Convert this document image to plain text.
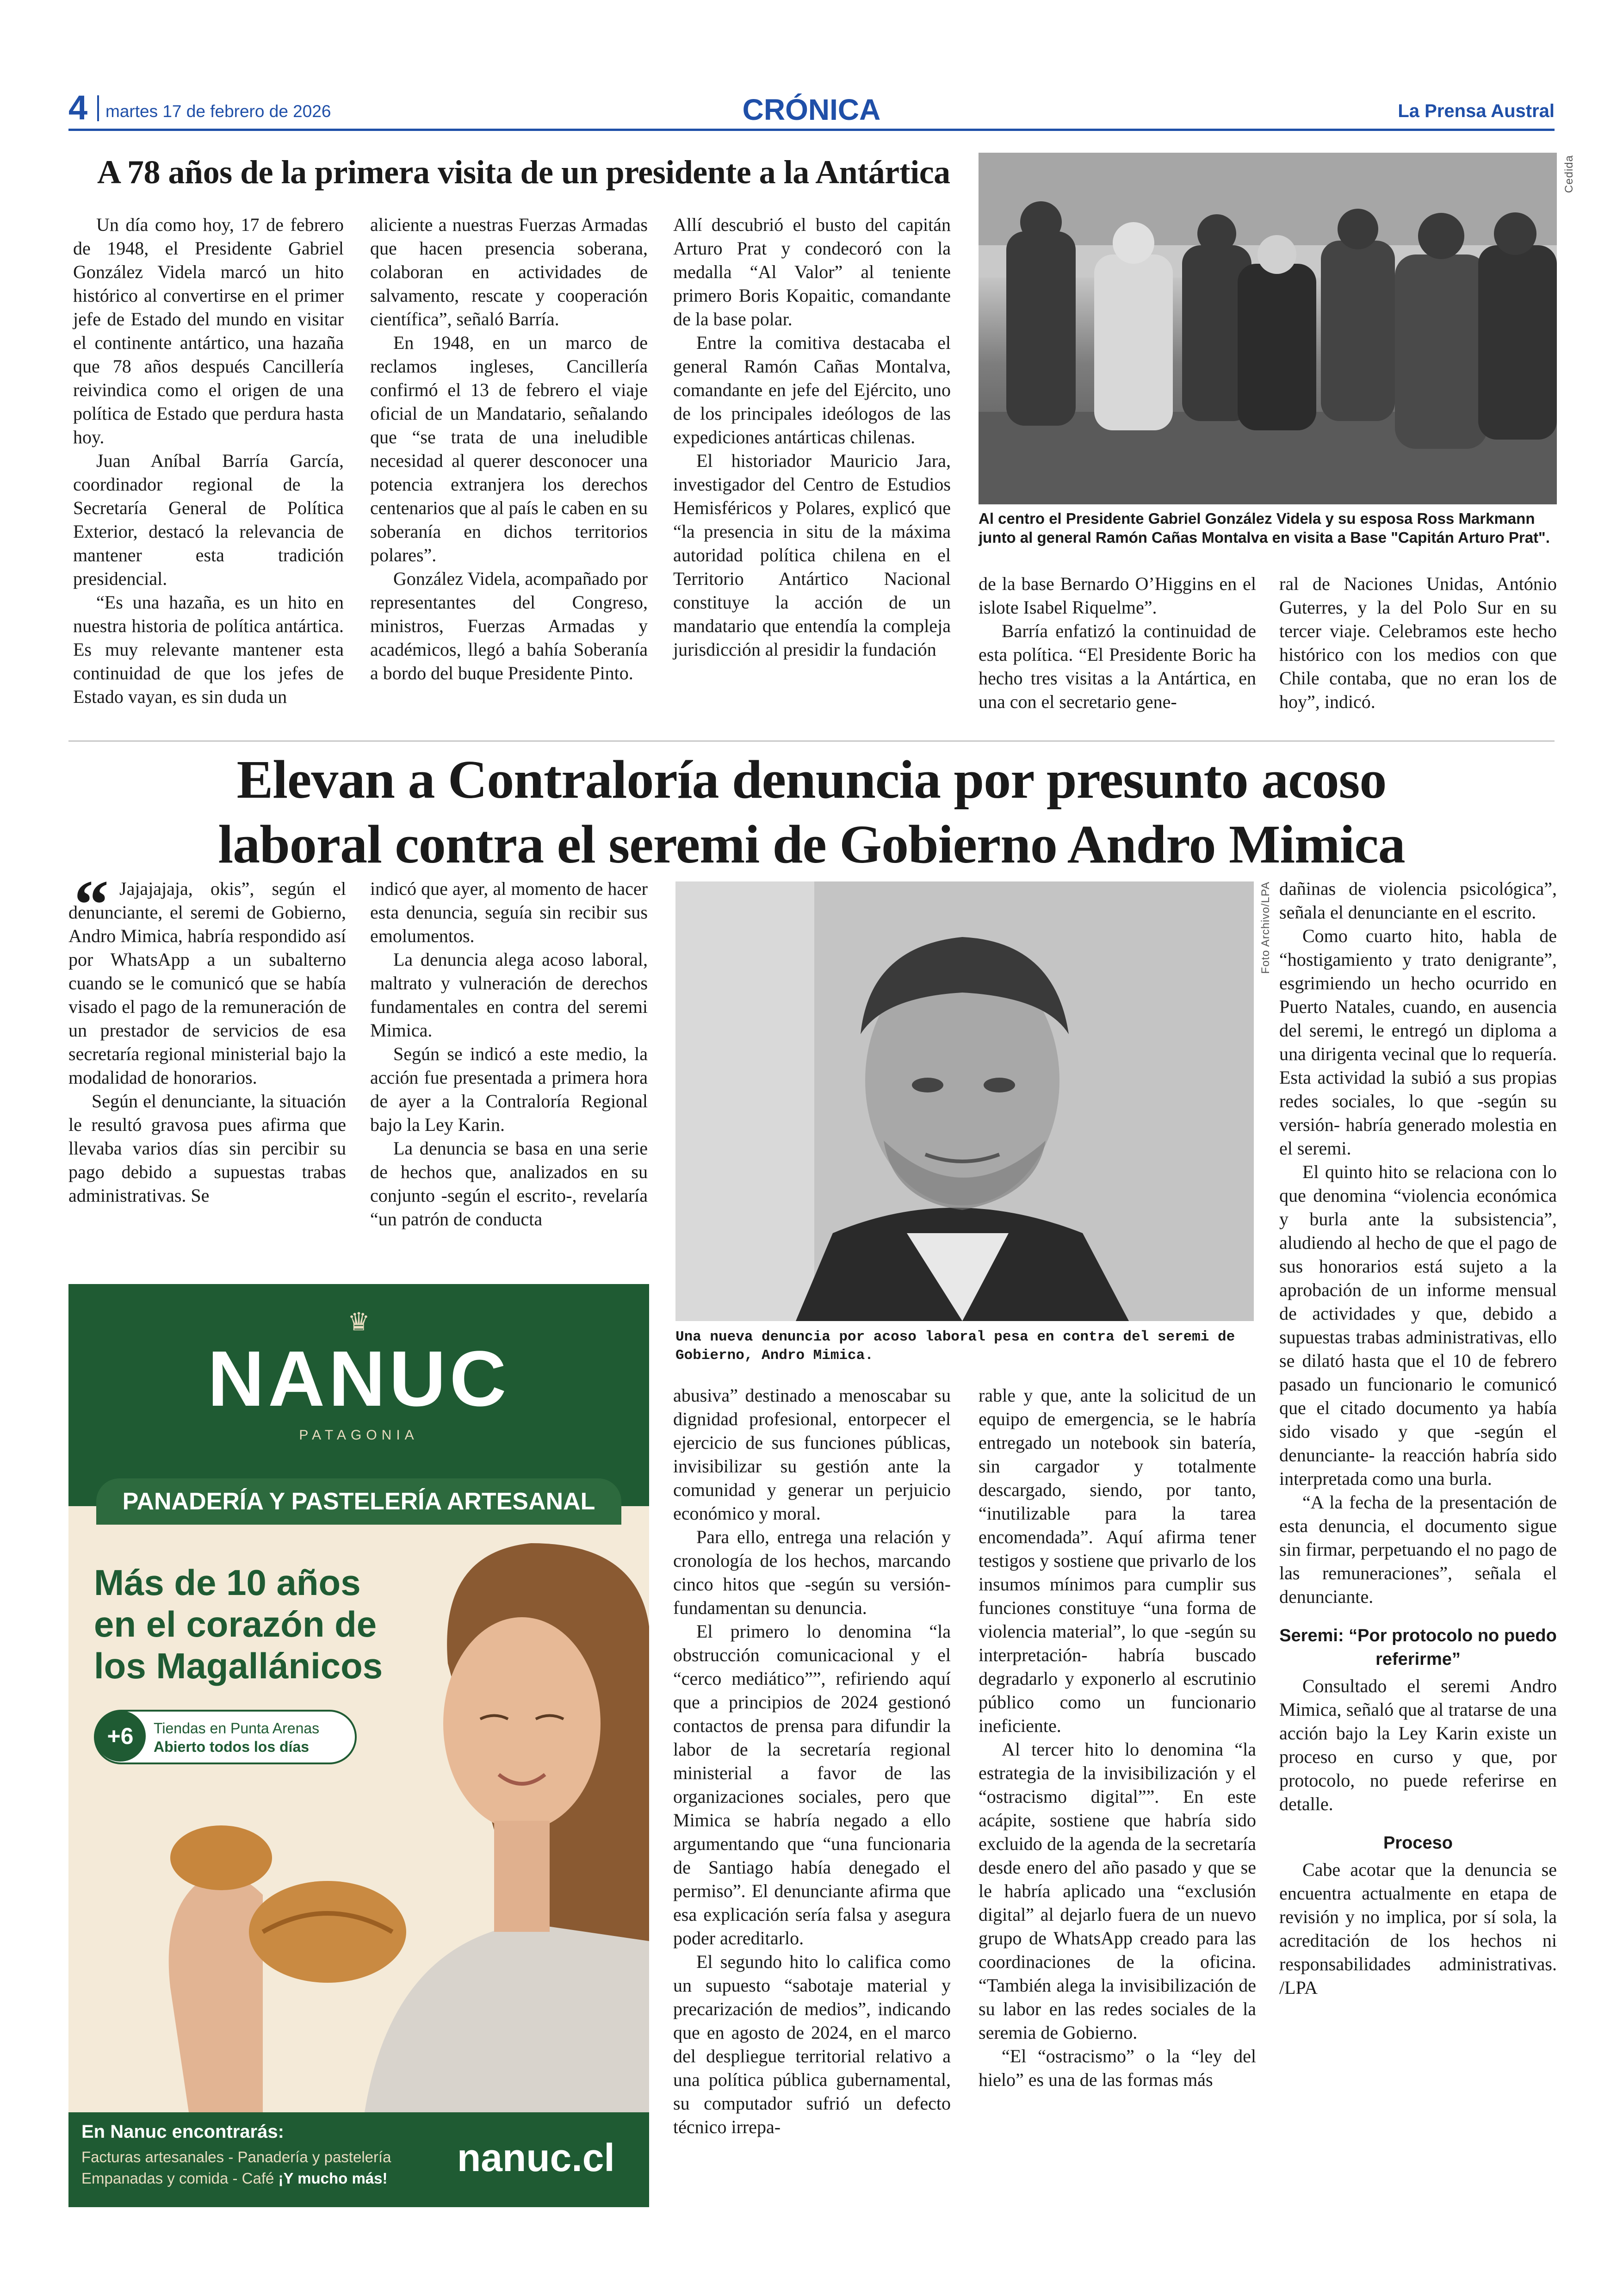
4 martes 17 de febrero de 2026	CRÓNICA	La Prensa Austral
A 78 años de la primera visita de un presidente a la Antártica

Un día como hoy, 17 de febrero de 1948, el Presidente Gabriel González Videla marcó un hito histórico al convertirse en el primer jefe de Estado del mundo en visitar el continente antártico, una hazaña que 78 años después Cancillería reivindica como el origen de una política de Estado que perdura hasta hoy.

Juan Aníbal Barría García, coordinador regional de la Secretaría General de Política Exterior, destacó la relevancia de mantener esta tradición presidencial.

“Es una hazaña, es un hito en nuestra historia de política antártica. Es muy relevante mantener esta continuidad de que los jefes de Estado vayan, es sin duda un

aliciente a nuestras Fuerzas Armadas que hacen presencia soberana, colaboran en actividades de salvamento, rescate y cooperación científica”, señaló Barría.

En 1948, en un marco de reclamos ingleses, Cancillería confirmó el 13 de febrero el viaje oficial de un Mandatario, señalando que “se trata de una ineludible necesidad al querer desconocer una potencia extranjera los derechos centenarios que al país le caben en su soberanía en dichos territorios polares”.

González Videla, acompañado por representantes del Congreso, ministros, Fuerzas Armadas y académicos, llegó a bahía Soberanía a bordo del buque Presidente Pinto.

Allí descubrió el busto del capitán Arturo Prat y condecoró con la medalla “Al Valor” al teniente primero Boris Kopaitic, comandante de la base polar.

Entre la comitiva destacaba el general Ramón Cañas Montalva, comandante en jefe del Ejército, uno de los principales ideólogos de las expediciones antárticas chilenas.

El historiador Mauricio Jara, investigador del Centro de Estudios Hemisféricos y Polares, explicó que “la presencia in situ de la máxima autoridad política chilena en el Territorio Antártico Nacional constituye la acción de un mandatario que entendía la compleja jurisdicción al presidir la fundación

Cedida
Al centro el Presidente Gabriel González Videla y su esposa Ross Markmann junto al general Ramón Cañas Montalva en visita a Base "Capitán Arturo Prat".

de la base Bernardo O’Higgins en el islote Isabel Riquelme”.

Barría enfatizó la continuidad de esta política. “El Presidente Boric ha hecho tres visitas a la Antártica, en una con el secretario gene-

ral de Naciones Unidas, António Guterres, y la del Polo Sur en su tercer viaje. Celebramos este hecho histórico con los medios con que Chile contaba, que no eran los de hoy”, indicó.

Elevan a Contraloría denuncia por presunto acoso
laboral contra el seremi de Gobierno Andro Mimica
“ Jajajajaja, okis”, según el denunciante, el seremi de Gobierno, Andro Mimica, habría respondido así por WhatsApp a un subalterno cuando se le comunicó que se había visado el pago de la remuneración de un prestador de servicios de esa secretaría regional ministerial bajo la modalidad de honorarios.

Según el denunciante, la situación le resultó gravosa pues afirma que llevaba varios días sin percibir su pago debido a supuestas trabas administrativas. Se

indicó que ayer, al momento de hacer esta denuncia, seguía sin recibir sus emolumentos.

La denuncia alega acoso laboral, maltrato y vulneración de derechos fundamentales en contra del seremi Mimica.

Según se indicó a este medio, la acción fue presentada a primera hora de ayer a la Contraloría Regional bajo la Ley Karin.

La denuncia se basa en una serie de hechos que, analizados en su conjunto -según el escrito-, revelaría “un patrón de conducta

Foto Archivo/LPA
Una nueva denuncia por acoso laboral pesa en contra del seremi de Gobierno, Andro Mimica.

abusiva” destinado a menoscabar su dignidad profesional, entorpecer el ejercicio de sus funciones públicas, invisibilizar su gestión ante la comunidad y generar un perjuicio económico y moral.

Para ello, entrega una relación y cronología de los hechos, marcando cinco hitos que -según su versión- fundamentan su denuncia.

El primero lo denomina “la obstrucción comunicacional y el “cerco mediático””, refiriendo aquí que a principios de 2024 gestionó contactos de prensa para difundir la labor de la secretaría regional ministerial a favor de las organizaciones sociales, pero que Mimica se habría negado a ello argumentando que “una funcionaria de Santiago había denegado el permiso”. El denunciante afirma que esa explicación sería falsa y asegura poder acreditarlo.

El segundo hito lo califica como un supuesto “sabotaje material y precarización de medios”, indicando que en agosto de 2024, en el marco del despliegue territorial relativo a una política pública gubernamental, su computador sufrió un defecto técnico irrepa-

rable y que, ante la solicitud de un equipo de emergencia, se le habría entregado un notebook sin batería, sin cargador y totalmente descargado, siendo, por tanto, “inutilizable para la tarea encomendada”. Aquí afirma tener testigos y sostiene que privarlo de los insumos mínimos para cumplir sus funciones constituye “una forma de violencia material”, lo que -según su interpretación- habría buscado degradarlo y exponerlo al escrutinio público como un funcionario ineficiente.

Al tercer hito lo denomina “la estrategia de la invisibilización y el “ostracismo digital””. En este acápite, sostiene que habría sido excluido de la agenda de la secretaría desde enero del año pasado y que se le habría aplicado una “exclusión digital” al dejarlo fuera de un nuevo grupo de WhatsApp creado para las coordinaciones de la oficina. “También alega la invisibilización de su labor en las redes sociales de la seremia de Gobierno.

“El “ostracismo” o la “ley del hielo” es una de las formas más

dañinas de violencia psicológica”, señala el denunciante en el escrito.

Como cuarto hito, habla de “hostigamiento y trato denigrante”, esgrimiendo un hecho ocurrido en Puerto Natales, cuando, en ausencia del seremi, le entregó un diploma a una dirigenta vecinal que lo requería. Esta actividad la subió a sus propias redes sociales, lo que -según su versión- habría generado molestia en el seremi.

El quinto hito se relaciona con lo que denomina “violencia económica y burla ante la subsistencia”, aludiendo al hecho de que el pago de sus honorarios está sujeto a la aprobación de un informe mensual de actividades y que, debido a supuestas trabas administrativas, ello se dilató hasta que el 10 de febrero pasado un funcionario le comunicó que el citado documento ya había sido visado y que -según el denunciante- la reacción habría sido interpretada como una burla.

“A la fecha de la presentación de esta denuncia, el documento sigue sin firmar, perpetuando el no pago de las remuneraciones”, señala el denunciante.

Seremi: “Por protocolo no puedo referirme”

Consultado el seremi Andro Mimica, señaló que al tratarse de una acción bajo la Ley Karin existe un proceso en curso y que, por protocolo, no puede referirse en detalle.

Proceso

Cabe acotar que la denuncia se encuentra actualmente en etapa de revisión y no implica, por sí sola, la acreditación de los hechos ni responsabilidades administrativas. /LPA

♛
NANUC
PATAGONIA
PANADERÍA Y PASTELERÍA ARTESANAL
Más de 10 años
en el corazón de
los Magallánicos
+6	Tiendas en Punta Arenas
Abierto todos los días
En Nanuc encontrarás:
Facturas artesanales - Panadería y pastelería
Empanadas y comida - Café ¡Y mucho más! nanuc.cl
